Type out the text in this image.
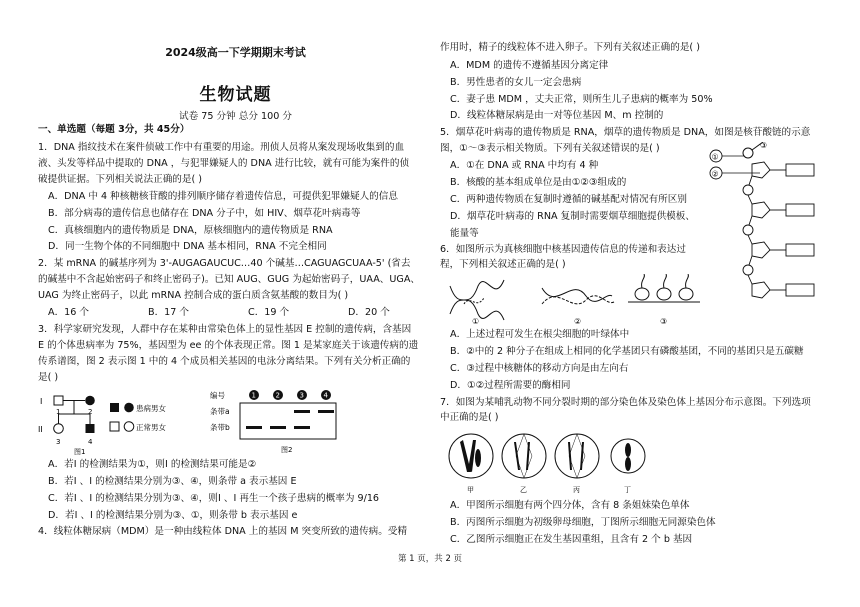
2024级高一下学期期末考试
生物试题
试卷 75 分钟 总分 100 分
一、单选题（每题 3分，共 45分）
1．DNA 指纹技术在案件侦破工作中有重要的用途。刑侦人员将从案发现场收集到的血
液、头发等样品中提取的 DNA ，与犯罪嫌疑人的 DNA 进行比较，就有可能为案件的侦
破提供证据。下列相关说法正确的是( )
A．DNA 中 4 种核糖核苷酸的排列顺序储存着遗传信息，可提供犯罪嫌疑人的信息
B．部分病毒的遗传信息也储存在 DNA 分子中，如 HIV、烟草花叶病毒等
C．真核细胞内的遗传物质是 DNA，原核细胞内的遗传物质是 RNA
D．同一生物个体的不同细胞中 DNA 基本相同，RNA 不完全相同
2．某 mRNA 的碱基序列为 3'-AUGAGAUCUC…40 个碱基…CAGUAGCUAA-5' (省去
的碱基中不含起始密码子和终止密码子)。已知 AUG、GUG 为起始密码子，UAA、UGA、
UAG 为终止密码子，以此 mRNA 控制合成的蛋白质含氨基酸的数目为( )
A．16 个	B．17 个	C．19 个	D．20 个
3．科学家研究发现，人群中存在某种由常染色体上的显性基因 E 控制的遗传病，含基因
E 的个体患病率为 75%，基因型为 ee 的个体表现正常。图 1 是某家庭关于该遗传病的遗
传系谱图，图 2 表示图 1 中的 4 个成员相关基因的电泳分离结果。下列有关分析正确的
是( )
I
II
1	2
3	4
患病男女
正常男女
图1
编号
条带a
条带b
1	2	3	4
图2
A．若Ⅰ 的检测结果为①，则Ⅰ 的检测结果可能是②
B．若Ⅰ 、Ⅰ 的检测结果分别为③、④，则条带 a 表示基因 E
C．若Ⅰ 、Ⅰ 的检测结果分别为③、④，则Ⅰ 、Ⅰ 再生一个孩子患病的概率为 9/16
D．若Ⅰ 、Ⅰ 的检测结果分别为③、①，则条带 b 表示基因 e
4．线粒体糖尿病（MDM）是一种由线粒体 DNA 上的基因 M 突变所致的遗传病。受精
作用时，精子的线粒体不进入卵子。下列有关叙述正确的是( )
A．MDM 的遗传不遵循基因分离定律
B．男性患者的女儿一定会患病
C．妻子患 MDM ，丈夫正常，则所生儿子患病的概率为 50%
D．线粒体糖尿病是由一对等位基因 M、m 控制的
5．烟草花叶病毒的遗传物质是 RNA，烟草的遗传物质是 DNA，如图是核苷酸链的示意
图，①～③表示相关物质。下列有关叙述错误的是( )
A．①在 DNA 或 RNA 中均有 4 种
B．核酸的基本组成单位是由①②③组成的
C．两种遗传物质在复制时遵循的碱基配对情况有所区别
D．烟草花叶病毒的 RNA 复制时需要烟草细胞提供模板、
能量等
①
②
③
6．如图所示为真核细胞中核基因遗传信息的传递和表达过
程，下列相关叙述正确的是( )
①	②	③
A．上述过程可发生在根尖细胞的叶绿体中
B．②中的 2 种分子在组成上相同的化学基团只有磷酸基团，不同的基团只是五碳糖
C．③过程中核糖体的移动方向是由左向右
D．①②过程所需要的酶相同
7．如图为某哺乳动物不同分裂时期的部分染色体及染色体上基因分布示意图。下列选项
中正确的是( )
甲	乙	丙	丁
A．甲图所示细胞有两个四分体，含有 8 条姐妹染色单体
B．丙图所示细胞为初级卵母细胞，丁图所示细胞无同源染色体
C．乙图所示细胞正在发生基因重组，且含有 2 个 b 基因
第 1 页，共 2 页
